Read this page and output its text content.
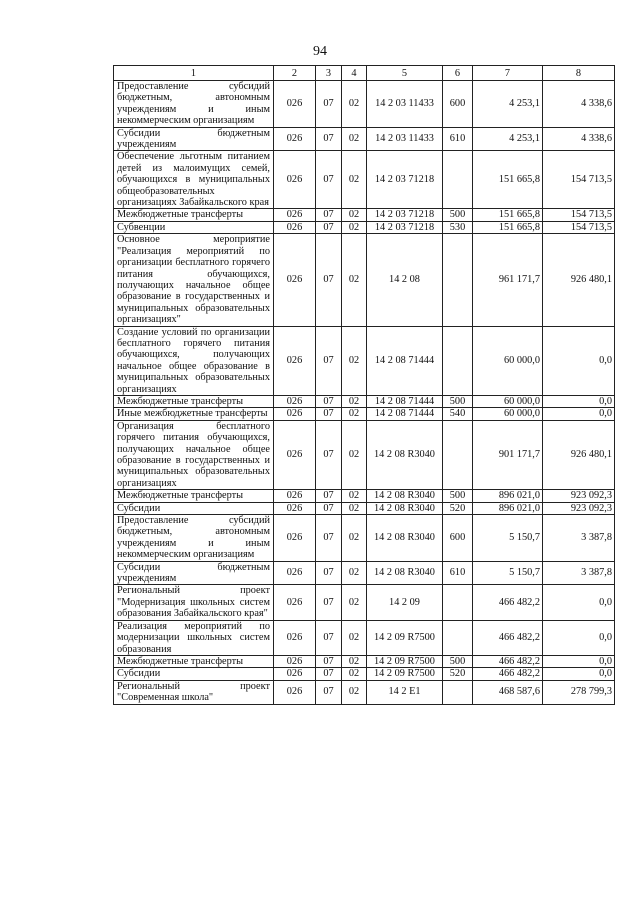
94
1	2	3	4	5	6	7	8
Предоставление субсидий бюджетным, автономным учреждениям и иным некоммерческим организациям	026	07	02	14 2 03 11433	600	4 253,1	4 338,6
Субсидии бюджетным учреждениям	026	07	02	14 2 03 11433	610	4 253,1	4 338,6
Обеспечение льготным питанием детей из малоимущих семей, обучающихся в муниципальных общеобразовательных организациях Забайкальского края	026	07	02	14 2 03 71218		151 665,8	154 713,5
Межбюджетные трансферты	026	07	02	14 2 03 71218	500	151 665,8	154 713,5
Субвенции	026	07	02	14 2 03 71218	530	151 665,8	154 713,5
Основное мероприятие "Реализация мероприятий по организации бесплатного горячего питания обучающихся, получающих начальное общее образование в государственных и муниципальных образовательных организациях"	026	07	02	14 2 08		961 171,7	926 480,1
Создание условий по организации бесплатного горячего питания обучающихся, получающих начальное общее образование в муниципальных образовательных организациях	026	07	02	14 2 08 71444		60 000,0	0,0
Межбюджетные трансферты	026	07	02	14 2 08 71444	500	60 000,0	0,0
Иные межбюджетные трансферты	026	07	02	14 2 08 71444	540	60 000,0	0,0
Организация бесплатного горячего питания обучающихся, получающих начальное общее образование в государственных и муниципальных образовательных организациях	026	07	02	14 2 08 R3040		901 171,7	926 480,1
Межбюджетные трансферты	026	07	02	14 2 08 R3040	500	896 021,0	923 092,3
Субсидии	026	07	02	14 2 08 R3040	520	896 021,0	923 092,3
Предоставление субсидий бюджетным, автономным учреждениям и иным некоммерческим организациям	026	07	02	14 2 08 R3040	600	5 150,7	3 387,8
Субсидии бюджетным учреждениям	026	07	02	14 2 08 R3040	610	5 150,7	3 387,8
Региональный проект "Модернизация школьных систем образования Забайкальского края"	026	07	02	14 2 09		466 482,2	0,0
Реализация мероприятий по модернизации школьных систем образования	026	07	02	14 2 09 R7500		466 482,2	0,0
Межбюджетные трансферты	026	07	02	14 2 09 R7500	500	466 482,2	0,0
Субсидии	026	07	02	14 2 09 R7500	520	466 482,2	0,0
Региональный проект "Современная школа"	026	07	02	14 2 E1		468 587,6	278 799,3
